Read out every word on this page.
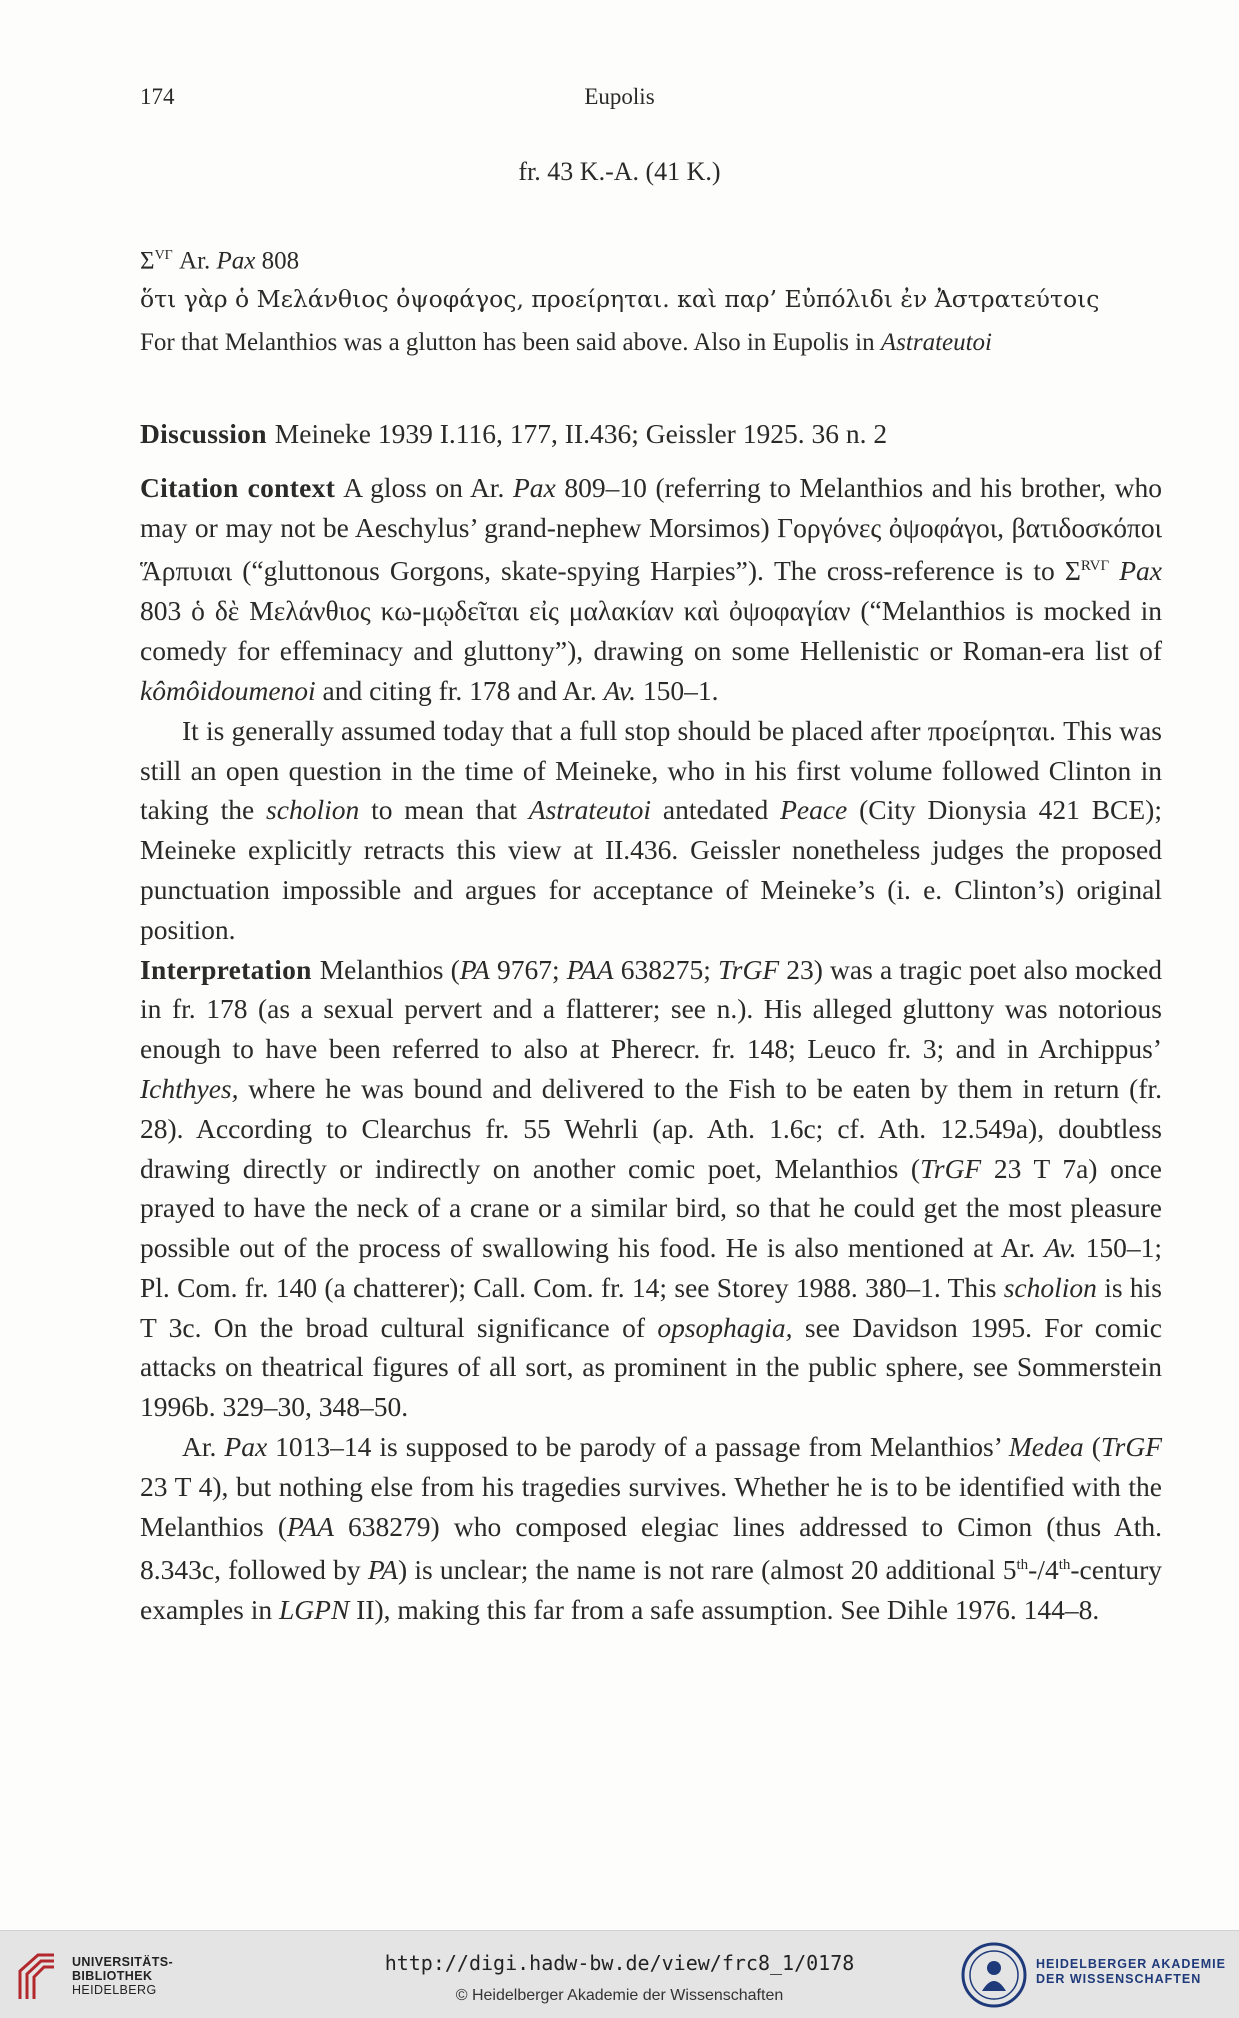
174	Eupolis
fr. 43 K.-A. (41 K.)
$\Sigma^{V\Gamma}$ Ar. Pax 808
ὅτι γὰρ ὁ Μελάνθιος ὀψοφάγος, προείρηται. καὶ παρ’ Εὐπόλιδι ἐν Ἀστρατεύτοις
For that Melanthios was a glutton has been said above. Also in Eupolis in Astrateutoi

Discussion Meineke 1939 I.116, 177, II.436; Geissler 1925. 36 n. 2

Citation context A gloss on Ar. Pax 809–10 (referring to Melanthios and his brother, who may or may not be Aeschylus’ grand-nephew Morsimos) Γοργόνες ὀψοφάγοι, βατιδοσκόποι Ἅρπυιαι (“gluttonous Gorgons, skate-spying Harpies”). The cross-reference is to $\Sigma^{RV\Gamma}$ Pax 803 ὁ δὲ Μελάνθιος κω-μῳδεῖται εἰς μαλακίαν καὶ ὀψοφαγίαν (“Melanthios is mocked in comedy for effeminacy and gluttony”), drawing on some Hellenistic or Roman-era list of kômôidoumenoi and citing fr. 178 and Ar. Av. 150–1.

It is generally assumed today that a full stop should be placed after προείρηται. This was still an open question in the time of Meineke, who in his first volume followed Clinton in taking the scholion to mean that Astrateutoi antedated Peace (City Dionysia 421 BCE); Meineke explicitly retracts this view at II.436. Geissler nonetheless judges the proposed punctuation impossible and argues for acceptance of Meineke’s (i. e. Clinton’s) original position.

Interpretation Melanthios (PA 9767; PAA 638275; TrGF 23) was a tragic poet also mocked in fr. 178 (as a sexual pervert and a flatterer; see n.). His alleged gluttony was notorious enough to have been referred to also at Pherecr. fr. 148; Leuco fr. 3; and in Archippus’ Ichthyes, where he was bound and delivered to the Fish to be eaten by them in return (fr. 28). According to Clearchus fr. 55 Wehrli (ap. Ath. 1.6c; cf. Ath. 12.549a), doubtless drawing directly or indirectly on another comic poet, Melanthios (TrGF 23 T 7a) once prayed to have the neck of a crane or a similar bird, so that he could get the most pleasure possible out of the process of swallowing his food. He is also mentioned at Ar. Av. 150–1; Pl. Com. fr. 140 (a chatterer); Call. Com. fr. 14; see Storey 1988. 380–1. This scholion is his T 3c. On the broad cultural significance of opsophagia, see Davidson 1995. For comic attacks on theatrical figures of all sort, as prominent in the public sphere, see Sommerstein 1996b. 329–30, 348–50.

Ar. Pax 1013–14 is supposed to be parody of a passage from Melanthios’ Medea (TrGF 23 T 4), but nothing else from his tragedies survives. Whether he is to be identified with the Melanthios (PAA 638279) who composed elegiac lines addressed to Cimon (thus Ath. 8.343c, followed by PA) is unclear; the name is not rare (almost 20 additional 5th-/4th-century examples in LGPN II), making this far from a safe assumption. See Dihle 1976. 144–8.

UNIVERSITÄTS-
BIBLIOTHEK
HEIDELBERG
http://digi.hadw-bw.de/view/frc8_1/0178
© Heidelberger Akademie der Wissenschaften
HEIDELBERGER AKADEMIE
DER WISSENSCHAFTEN
